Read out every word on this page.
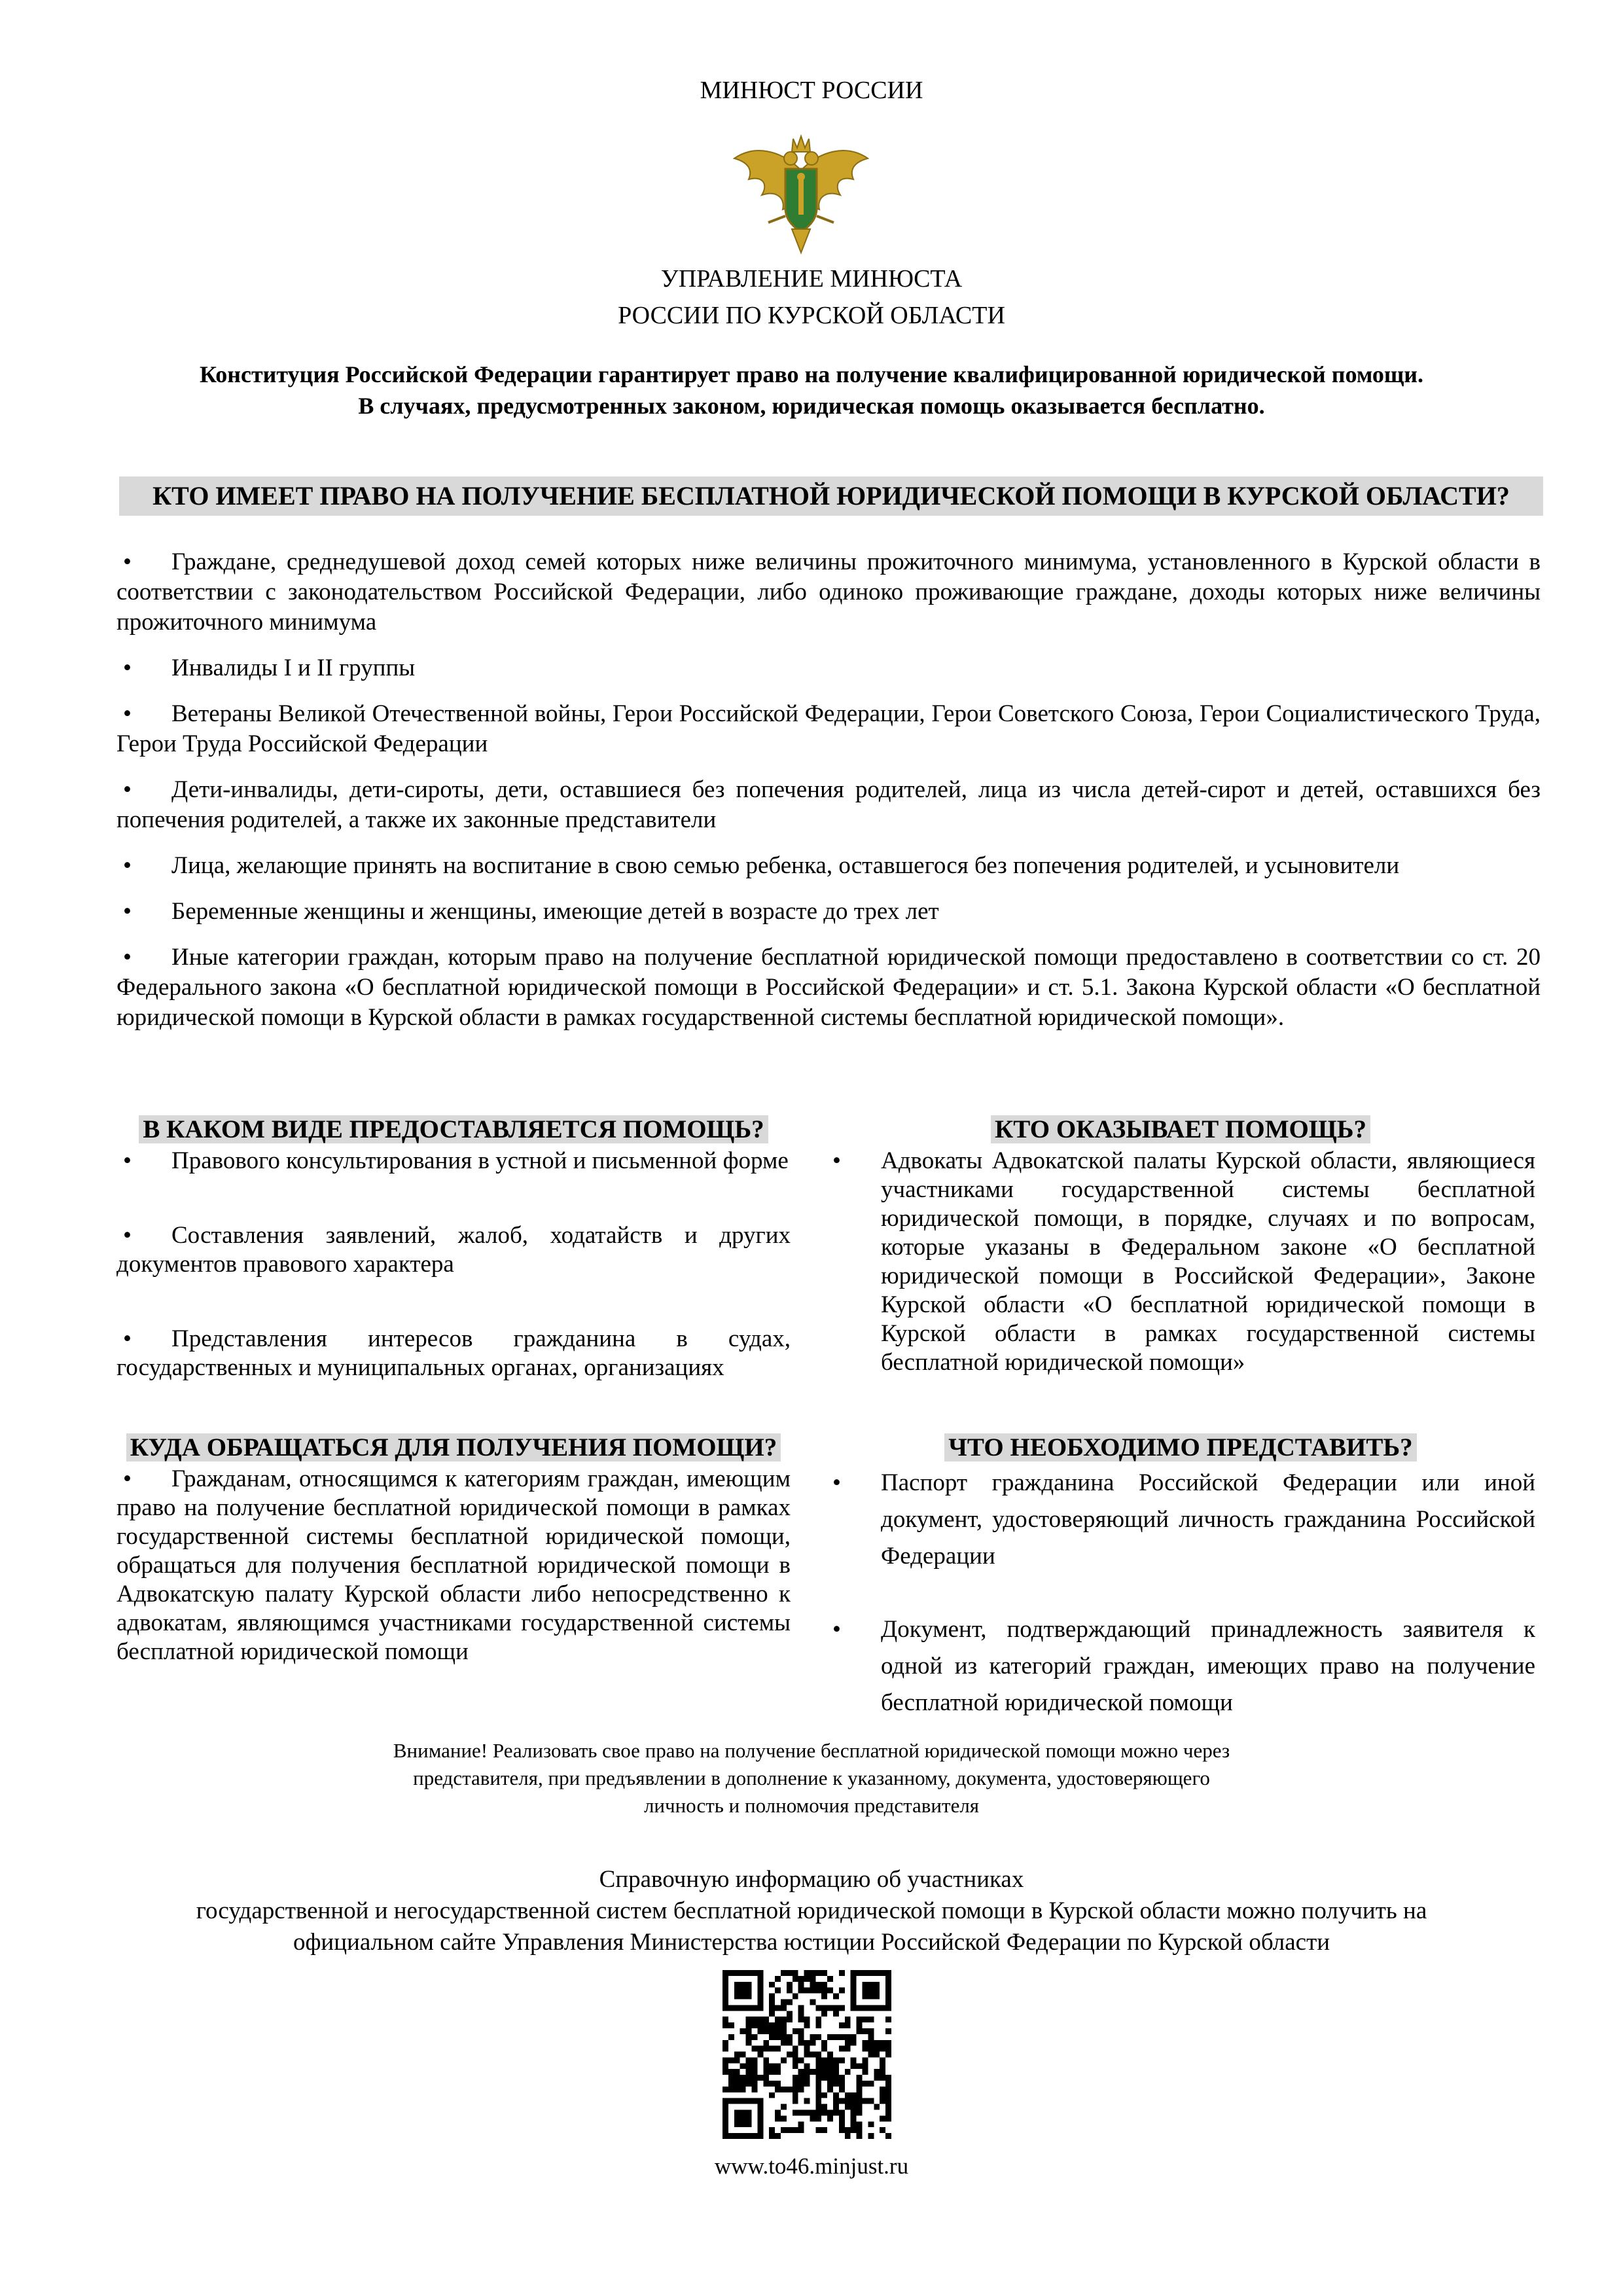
МИНЮСТ РОССИИ
УПРАВЛЕНИЕ МИНЮСТА
РОССИИ ПО КУРСКОЙ ОБЛАСТИ
Конституция Российской Федерации гарантирует право на получение квалифицированной юридической помощи.
В случаях, предусмотренных законом, юридическая помощь оказывается бесплатно.
КТО ИМЕЕТ ПРАВО НА ПОЛУЧЕНИЕ БЕСПЛАТНОЙ ЮРИДИЧЕСКОЙ ПОМОЩИ В КУРСКОЙ ОБЛАСТИ?
•	Граждане, среднедушевой доход семей которых ниже величины прожиточного минимума, установленного в Курской области в соответствии с законодательством Российской Федерации, либо одиноко проживающие граждане, доходы которых ниже величины прожиточного минимума
•	Инвалиды I и II группы
•	Ветераны Великой Отечественной войны, Герои Российской Федерации, Герои Советского Союза, Герои Социалистического Труда, Герои Труда Российской Федерации
•	Дети-инвалиды, дети-сироты, дети, оставшиеся без попечения родителей, лица из числа детей-сирот и детей, оставшихся без попечения родителей, а также их законные представители
•	Лица, желающие принять на воспитание в свою семью ребенка, оставшегося без попечения родителей, и усыновители
•	Беременные женщины и женщины, имеющие детей в возрасте до трех лет
•	Иные категории граждан, которым право на получение бесплатной юридической помощи предоставлено в соответствии со ст. 20 Федерального закона «О бесплатной юридической помощи в Российской Федерации» и ст. 5.1. Закона Курской области «О бесплатной юридической помощи в Курской области в рамках государственной системы бесплатной юридической помощи».
В КАКОМ ВИДЕ ПРЕДОСТАВЛЯЕТСЯ ПОМОЩЬ?
•	Правового консультирования в устной и письменной форме
•	Составления заявлений, жалоб, ходатайств и других документов правового характера
•	Представления интересов гражданина в судах, государственных и муниципальных органах, организациях
КТО ОКАЗЫВАЕТ ПОМОЩЬ?
•	Адвокаты Адвокатской палаты Курской области, являющиеся участниками государственной системы бесплатной юридической помощи, в порядке, случаях и по вопросам, которые указаны в Федеральном законе «О бесплатной юридической помощи в Российской Федерации», Законе Курской области «О бесплатной юридической помощи в Курской области в рамках государственной системы бесплатной юридической помощи»
КУДА ОБРАЩАТЬСЯ ДЛЯ ПОЛУЧЕНИЯ ПОМОЩИ?
•	Гражданам, относящимся к категориям граждан, имеющим право на получение бесплатной юридической помощи в рамках государственной системы бесплатной юридической помощи, обращаться для получения бесплатной юридической помощи в Адвокатскую палату Курской области либо непосредственно к адвокатам, являющимся участниками государственной системы бесплатной юридической помощи
ЧТО НЕОБХОДИМО ПРЕДСТАВИТЬ?
•	Паспорт гражданина Российской Федерации или иной документ, удостоверяющий личность гражданина Российской Федерации
•	Документ, подтверждающий принадлежность заявителя к одной из категорий граждан, имеющих право на получение бесплатной юридической помощи
Внимание! Реализовать свое право на получение бесплатной юридической помощи можно через
представителя, при предъявлении в дополнение к указанному, документа, удостоверяющего
личность и полномочия представителя
Справочную информацию об участниках
государственной и негосударственной систем бесплатной юридической помощи в Курской области можно получить на
официальном сайте Управления Министерства юстиции Российской Федерации по Курской области
www.to46.minjust.ru
